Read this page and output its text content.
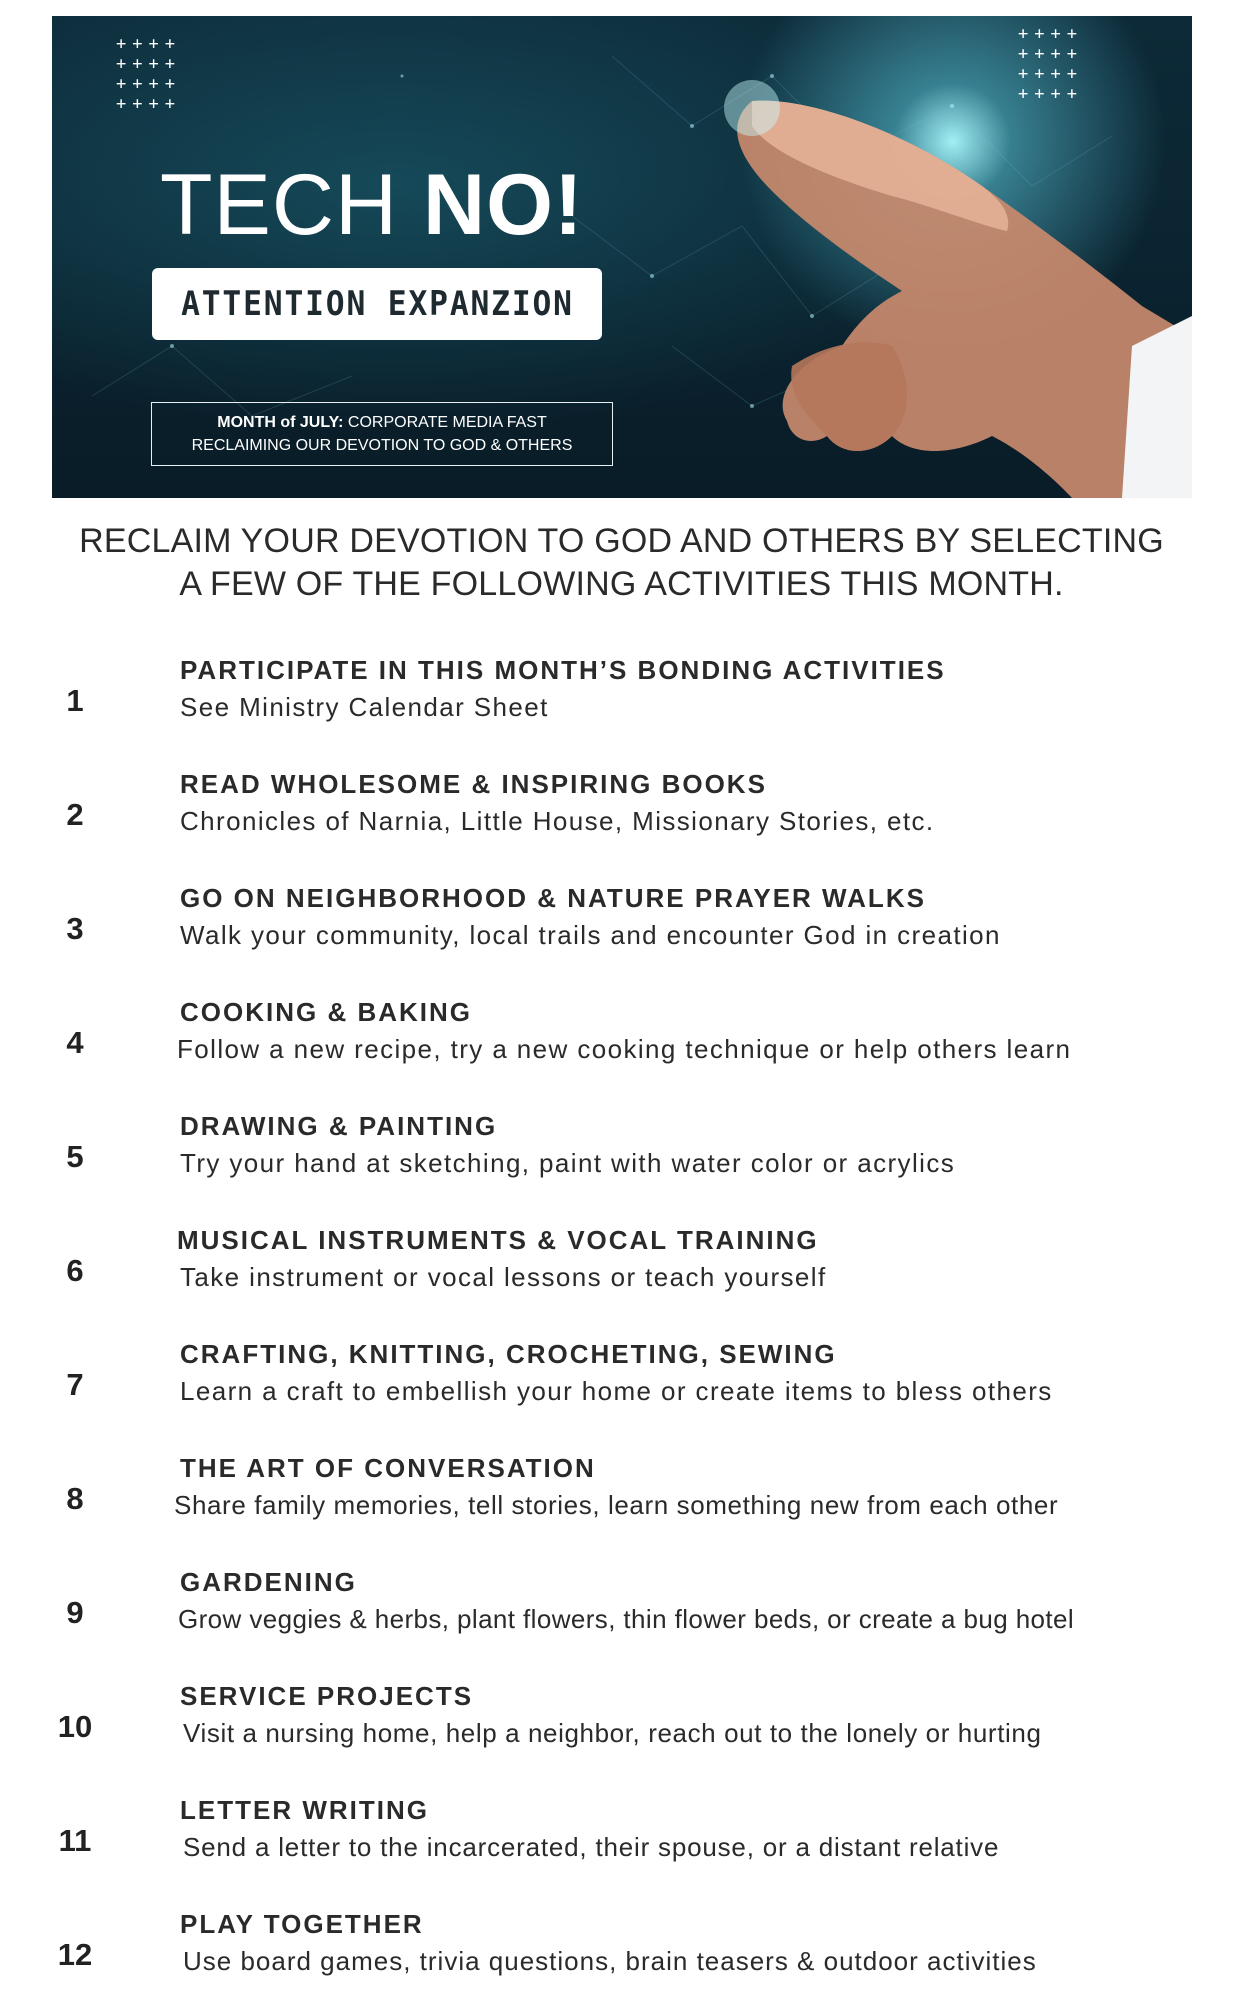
++++
++++
++++
++++
++++
++++
++++
++++
TECH NO!
ATTENTION EXPANZION
MONTH of JULY: CORPORATE MEDIA FAST
RECLAIMING OUR DEVOTION TO GOD & OTHERS
RECLAIM YOUR DEVOTION TO GOD AND OTHERS BY SELECTING
A FEW OF THE FOLLOWING ACTIVITIES THIS MONTH.
1
PARTICIPATE IN THIS MONTH’S BONDING ACTIVITIES
See Ministry Calendar Sheet
2
READ WHOLESOME & INSPIRING BOOKS
Chronicles of Narnia, Little House, Missionary Stories, etc.
3
GO ON NEIGHBORHOOD & NATURE PRAYER WALKS
Walk your community, local trails and encounter God in creation
4
COOKING & BAKING
Follow a new recipe, try a new cooking technique or help others learn
5
DRAWING & PAINTING
Try your hand at sketching, paint with water color or acrylics
6
MUSICAL INSTRUMENTS & VOCAL TRAINING
Take instrument or vocal lessons or teach yourself
7
CRAFTING, KNITTING, CROCHETING, SEWING
Learn a craft to embellish your home or create items to bless others
8
THE ART OF CONVERSATION
Share family memories, tell stories, learn something new from each other
9
GARDENING
Grow veggies & herbs, plant flowers, thin flower beds, or create a bug hotel
10
SERVICE PROJECTS
Visit a nursing home, help a neighbor, reach out to the lonely or hurting
11
LETTER WRITING
Send a letter to the incarcerated, their spouse, or a distant relative
12
PLAY TOGETHER
Use board games, trivia questions, brain teasers & outdoor activities
